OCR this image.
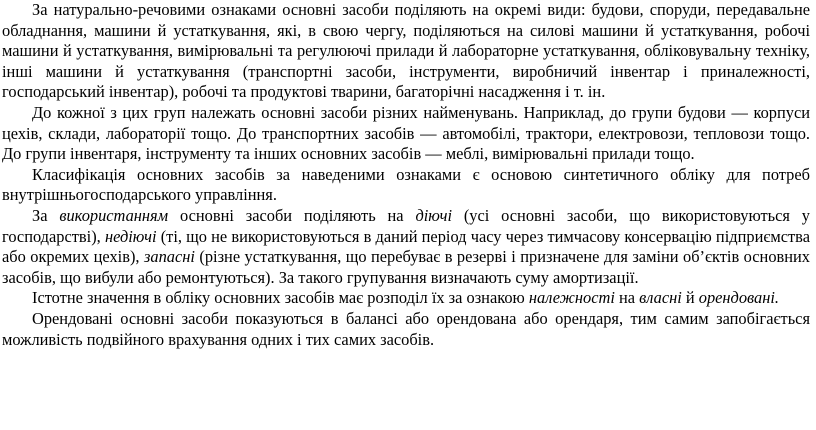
За натурально-речовими ознаками основні засоби поділяють на окремі види: будови, споруди, передавальне обладнання, машини й устаткування, які, в свою чергу, поділяються на силові машини й устаткування, робочі машини й устаткування, вимірювальні та регулюючі прилади й лабораторне устаткування, обліковувальну техніку, інші машини й устаткування (транспортні засоби, інструменти, виробничий інвентар і приналежності, господарський інвентар), робочі та продуктові тварини, багаторічні насадження і т. ін.

До кожної з цих груп належать основні засоби різних найменувань. Наприклад, до групи будови — корпуси цехів, склади, лабораторії тощо. До транспортних засобів — автомобілі, трактори, електровози, тепловози тощо. До групи інвентаря, інструменту та інших основних засобів — меблі, вимірювальні прилади тощо.

Класифікація основних засобів за наведеними ознаками є основою синтетичного обліку для потреб внутрішньогосподарського управління.

За використанням основні засоби поділяють на діючі (усі основні засоби, що використовуються у господарстві), недіючі (ті, що не використовуються в даний період часу через тимчасову консервацію підприємства або окремих цехів), запасні (різне устаткування, що перебуває в резерві і призначене для заміни об’єктів основних засобів, що вибули або ремонтуються). За такого групування визначають суму амортизації.

Істотне значення в обліку основних засобів має розподіл їх за ознакою належності на власні й орендовані.

Орендовані основні засоби показуються в балансі або орендована або орендаря, тим самим запобігається можливість подвійного врахування одних і тих самих засобів.
